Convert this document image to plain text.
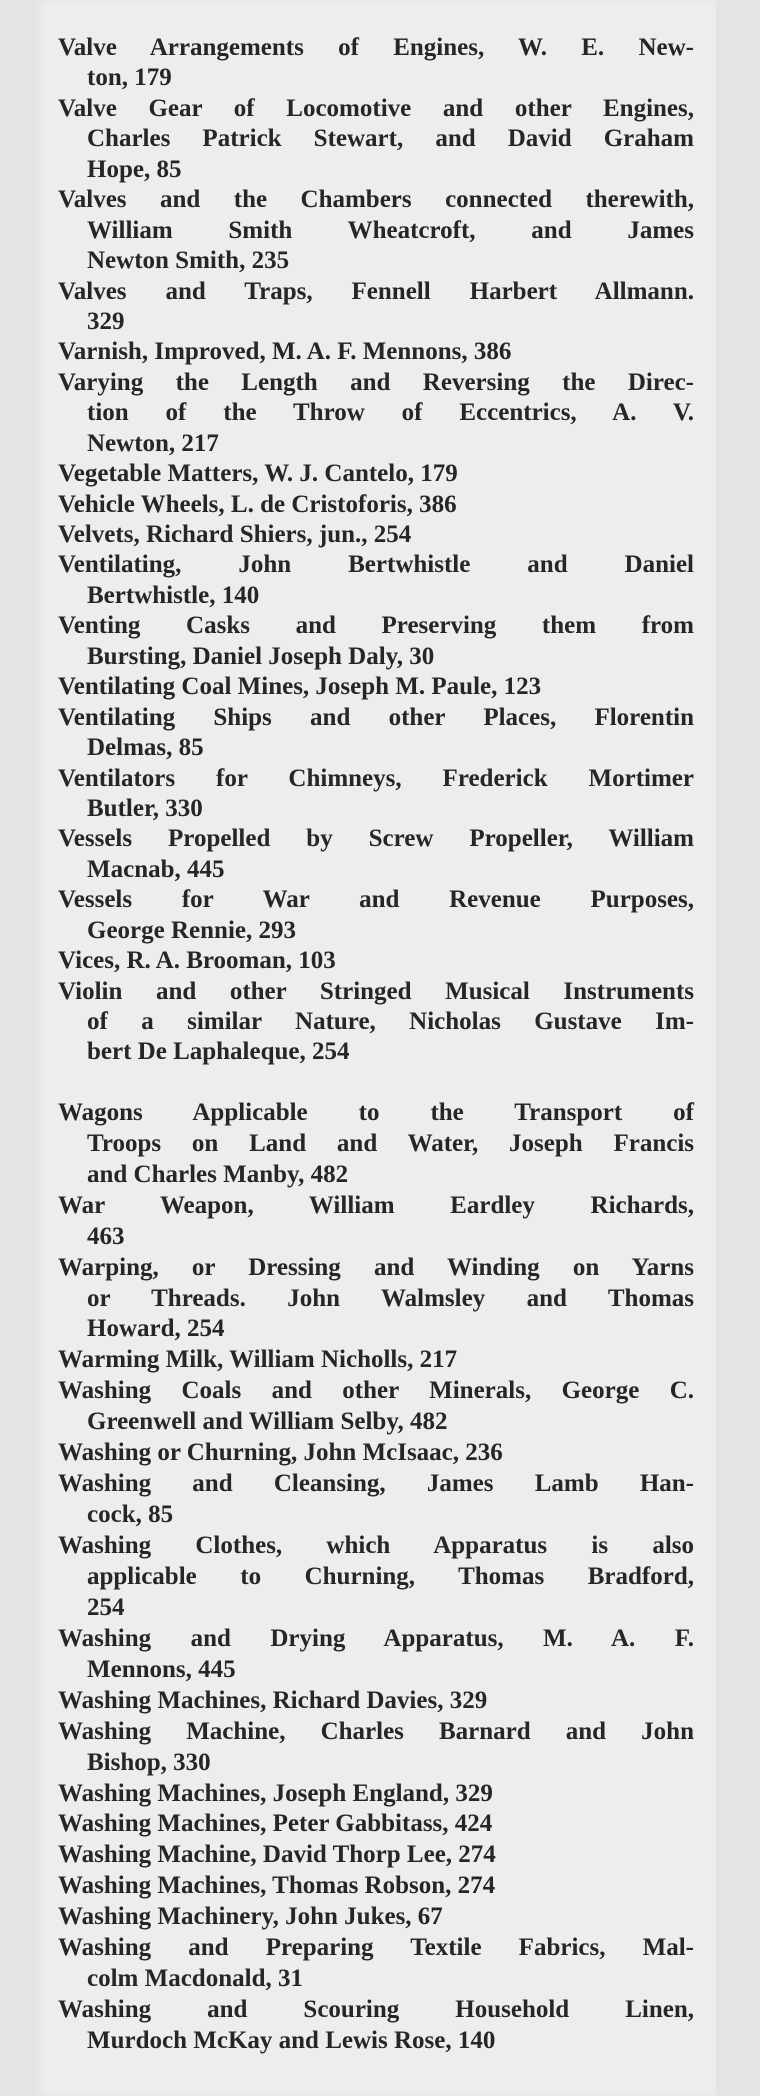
Valve Arrangements of Engines, W. E. New-
ton, 179
Valve Gear of Locomotive and other Engines,
Charles Patrick Stewart, and David Graham
Hope, 85
Valves and the Chambers connected therewith,
William Smith Wheatcroft, and James
Newton Smith, 235
Valves and Traps, Fennell Harbert Allmann.
329
Varnish, Improved, M. A. F. Mennons, 386
Varying the Length and Reversing the Direc-
tion of the Throw of Eccentrics, A. V.
Newton, 217
Vegetable Matters, W. J. Cantelo, 179
Vehicle Wheels, L. de Cristoforis, 386
Velvets, Richard Shiers, jun., 254
Ventilating, John Bertwhistle and Daniel
Bertwhistle, 140
Venting Casks and Preserving them from
Bursting, Daniel Joseph Daly, 30
Ventilating Coal Mines, Joseph M. Paule, 123
Ventilating Ships and other Places, Florentin
Delmas, 85
Ventilators for Chimneys, Frederick Mortimer
Butler, 330
Vessels Propelled by Screw Propeller, William
Macnab, 445
Vessels for War and Revenue Purposes,
George Rennie, 293
Vices, R. A. Brooman, 103
Violin and other Stringed Musical Instruments
of a similar Nature, Nicholas Gustave Im-
bert De Laphaleque, 254
Wagons Applicable to the Transport of
Troops on Land and Water, Joseph Francis
and Charles Manby, 482
War Weapon, William Eardley Richards,
463
Warping, or Dressing and Winding on Yarns
or Threads. John Walmsley and Thomas
Howard, 254
Warming Milk, William Nicholls, 217
Washing Coals and other Minerals, George C.
Greenwell and William Selby, 482
Washing or Churning, John McIsaac, 236
Washing and Cleansing, James Lamb Han-
cock, 85
Washing Clothes, which Apparatus is also
applicable to Churning, Thomas Bradford,
254
Washing and Drying Apparatus, M. A. F.
Mennons, 445
Washing Machines, Richard Davies, 329
Washing Machine, Charles Barnard and John
Bishop, 330
Washing Machines, Joseph England, 329
Washing Machines, Peter Gabbitass, 424
Washing Machine, David Thorp Lee, 274
Washing Machines, Thomas Robson, 274
Washing Machinery, John Jukes, 67
Washing and Preparing Textile Fabrics, Mal-
colm Macdonald, 31
Washing and Scouring Household Linen,
Murdoch McKay and Lewis Rose, 140
